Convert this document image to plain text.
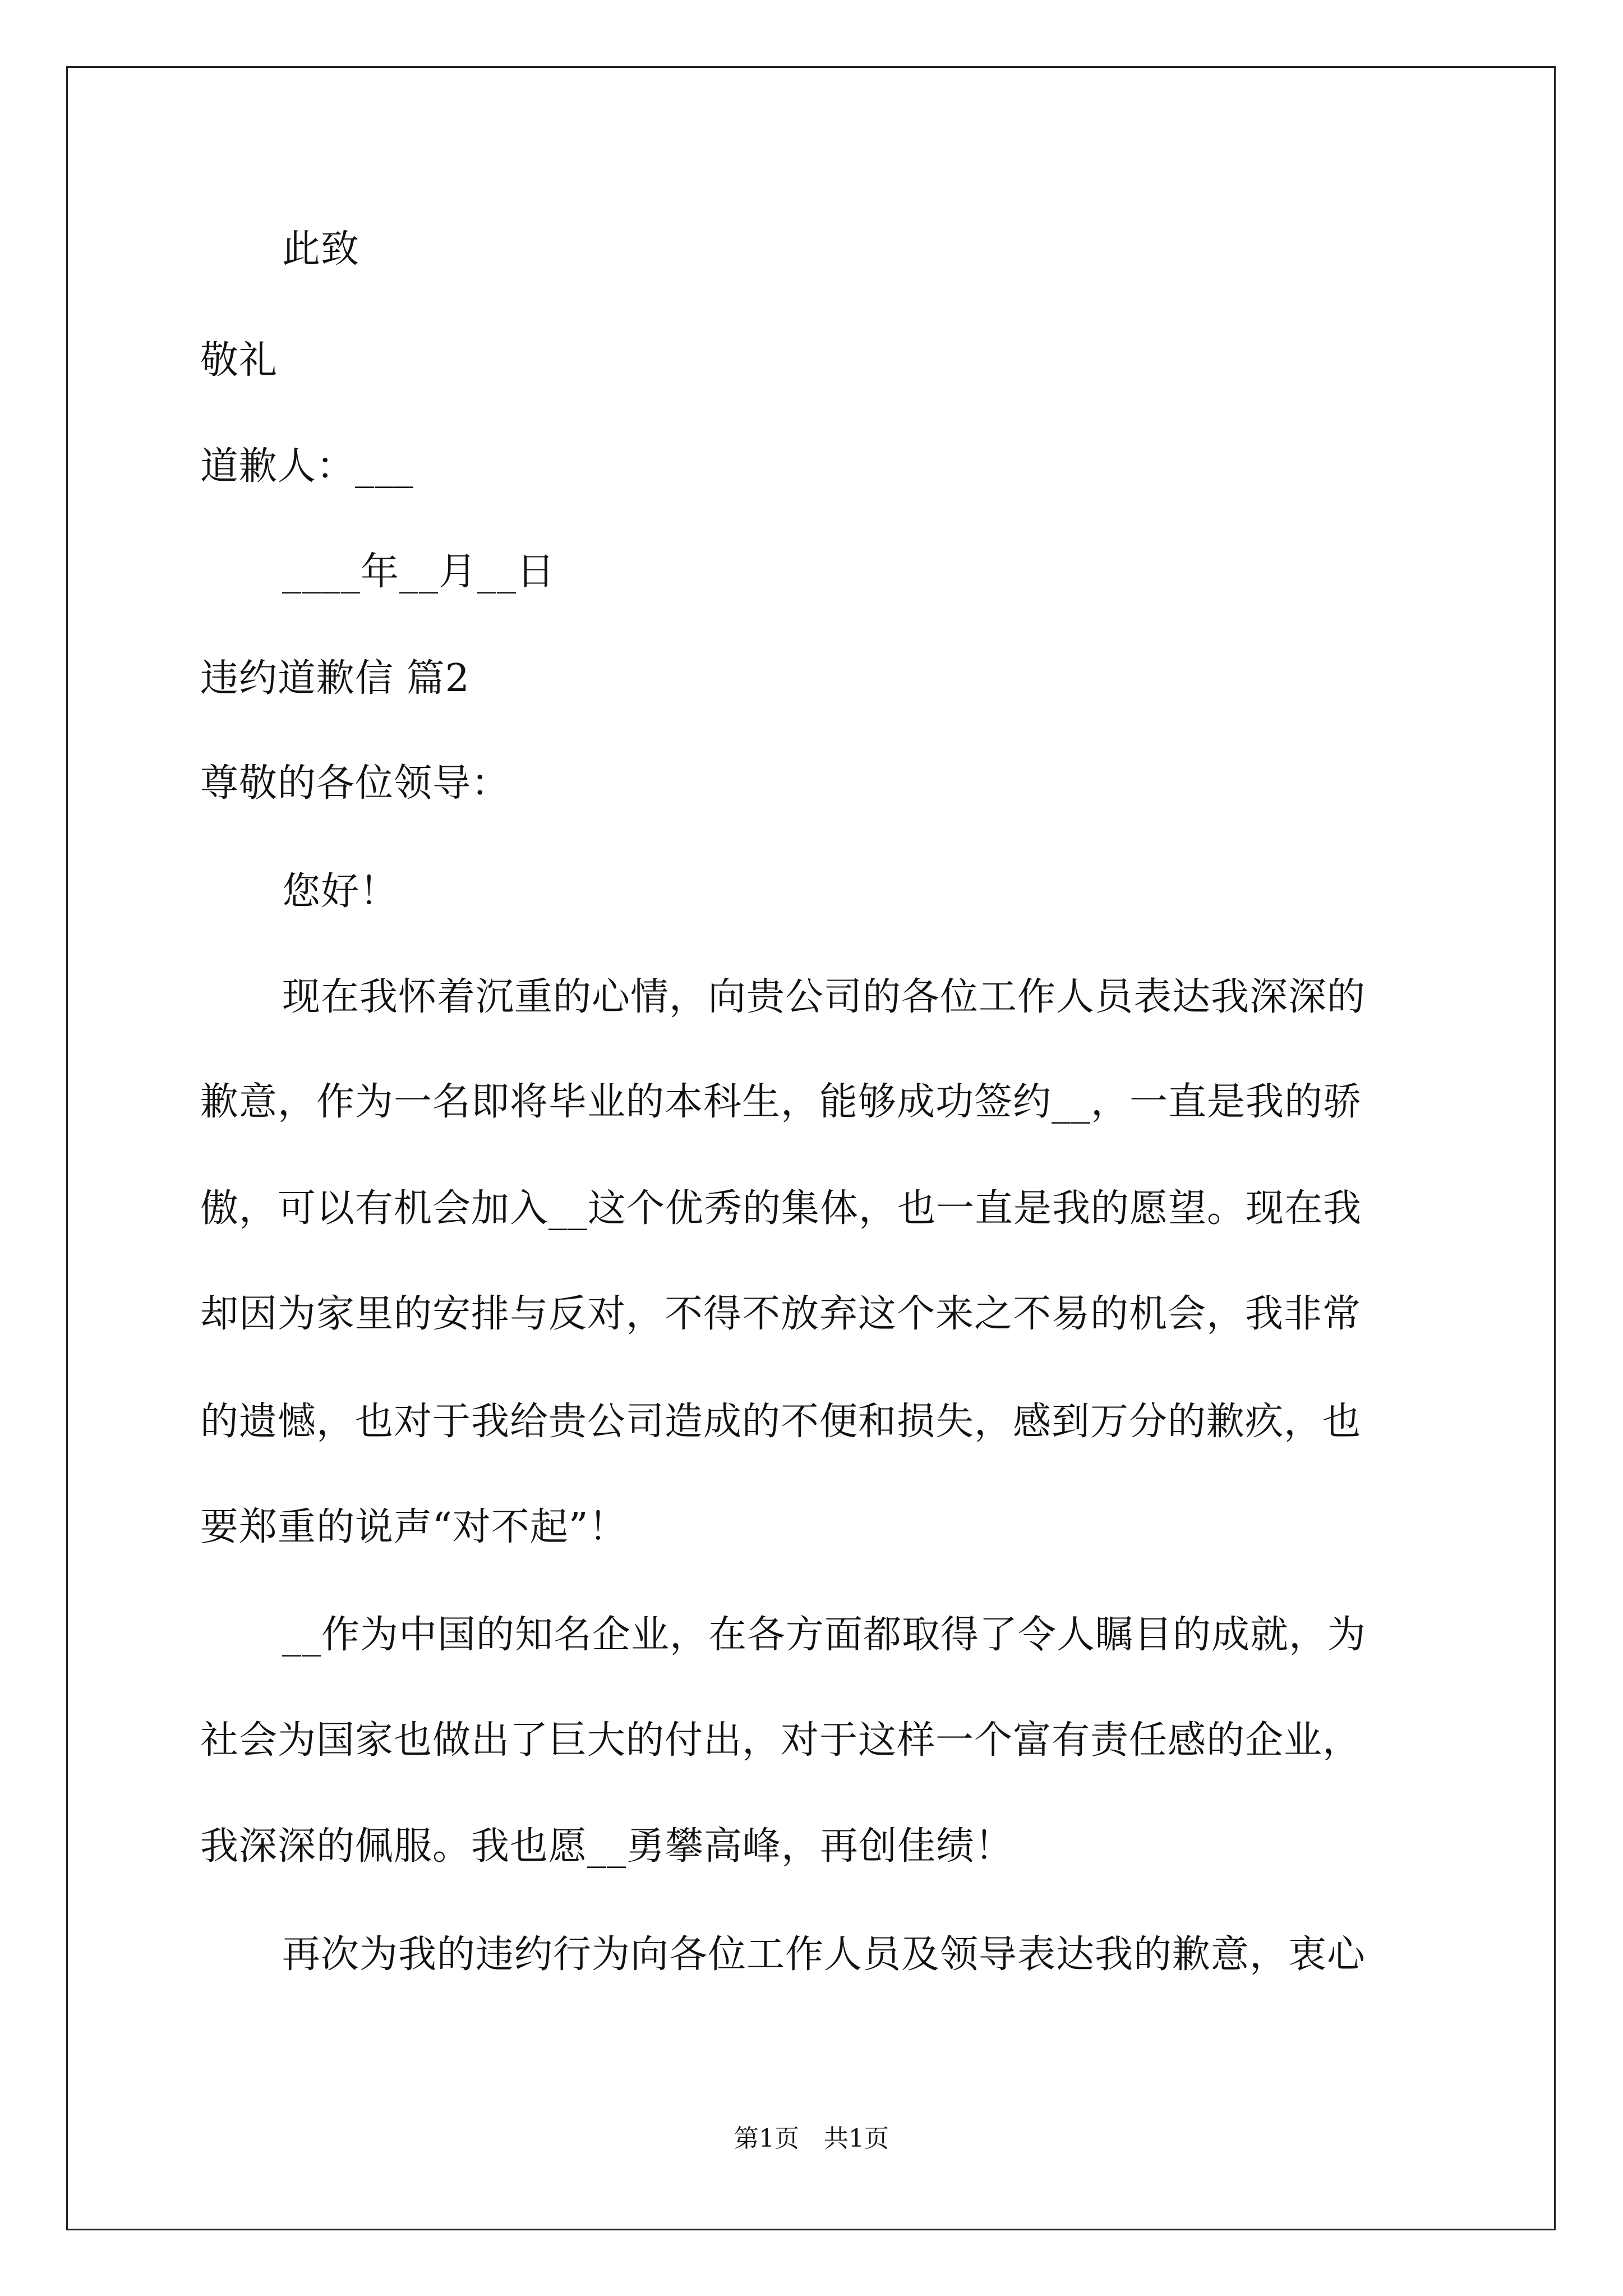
此致
敬礼
道歉人：___
____年__月__日
违约道歉信 篇2
尊敬的各位领导：
您好！
现在我怀着沉重的心情，向贵公司的各位工作人员表达我深深的
歉意，作为一名即将毕业的本科生，能够成功签约__，一直是我的骄
傲，可以有机会加入__这个优秀的集体，也一直是我的愿望。现在我
却因为家里的安排与反对，不得不放弃这个来之不易的机会，我非常
的遗憾，也对于我给贵公司造成的不便和损失，感到万分的歉疚，也
要郑重的说声“对不起”！
__作为中国的知名企业，在各方面都取得了令人瞩目的成就，为
社会为国家也做出了巨大的付出，对于这样一个富有责任感的企业，
我深深的佩服。我也愿__勇攀高峰，再创佳绩！
再次为我的违约行为向各位工作人员及领导表达我的歉意，衷心
第1页　共1页
